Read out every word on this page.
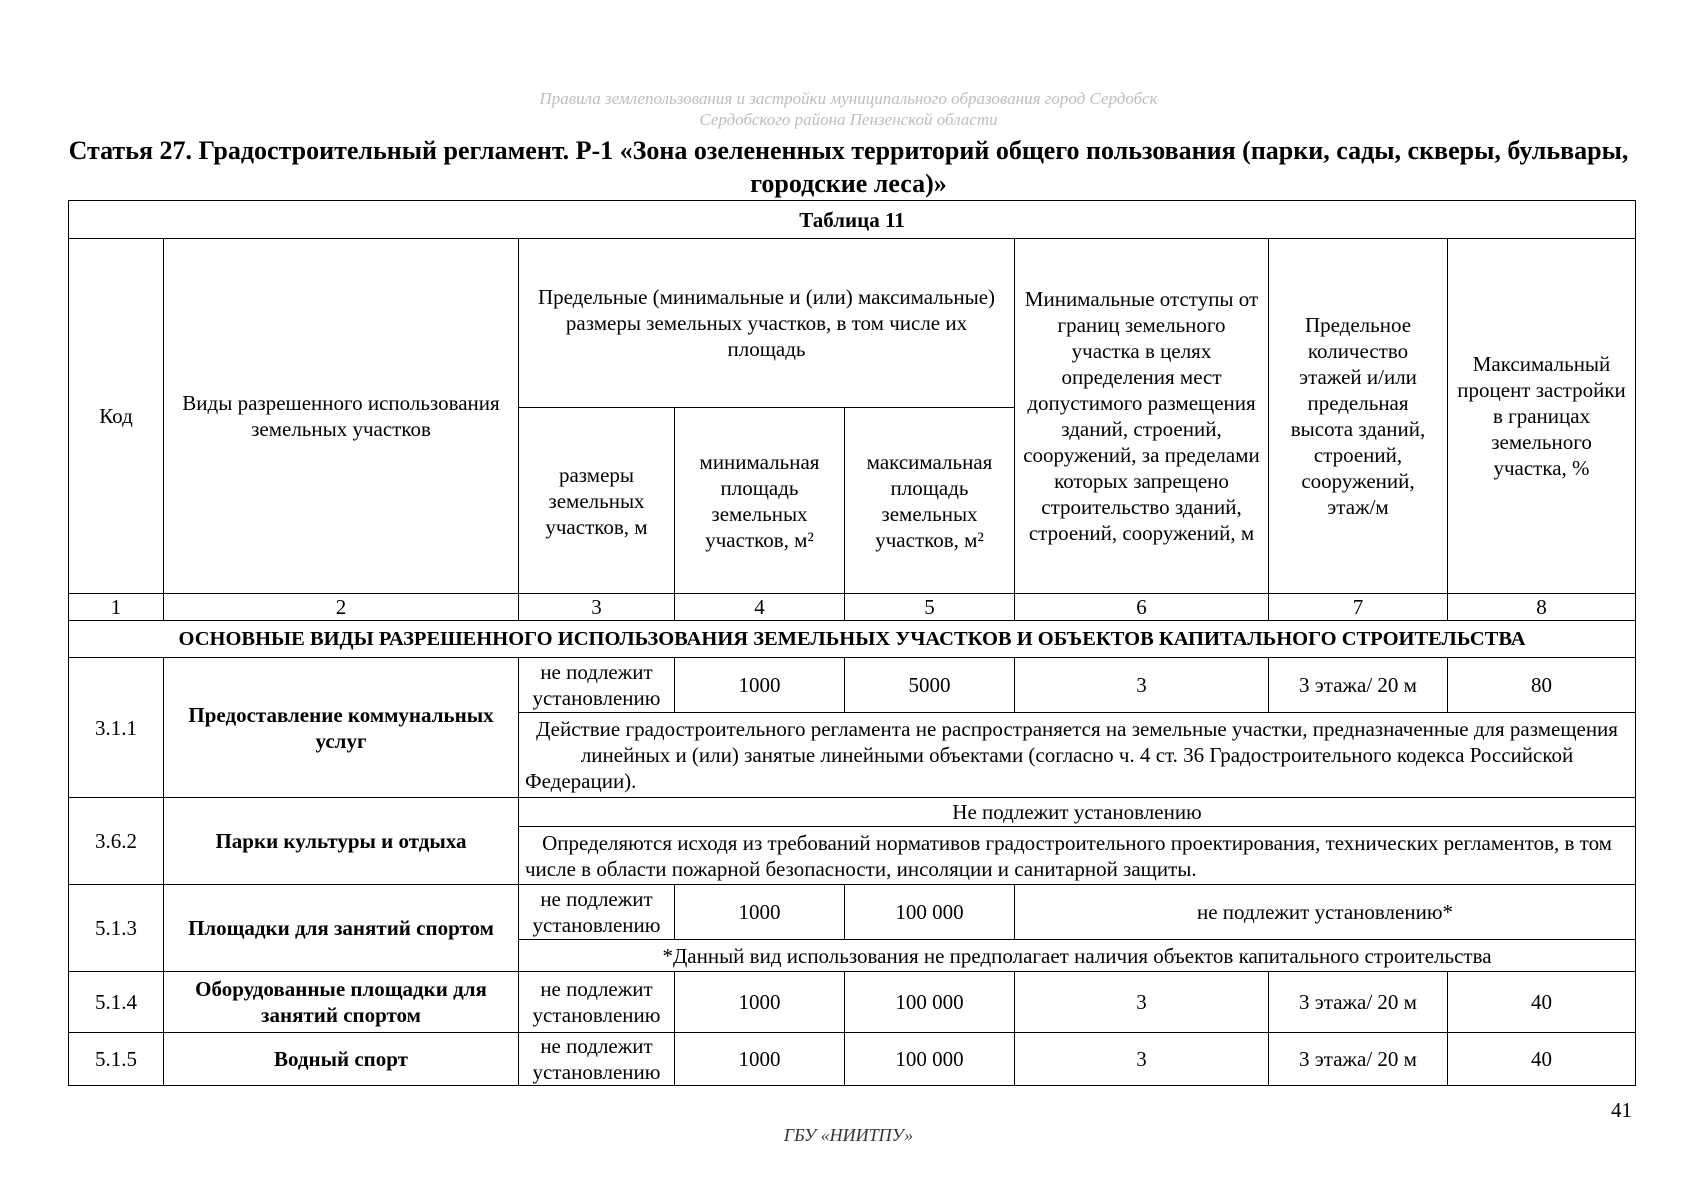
Правила землепользования и застройки муниципального образования город Сердобск
Сердобского района Пензенской области
Статья 27. Градостроительный регламент. Р-1 «Зона озелененных территорий общего пользования (парки, сады, скверы, бульвары, городские леса)»
Таблица 11							
Код	Виды разрешенного использования земельных участков	Предельные (минимальные и (или) максимальные) размеры земельных участков, в том числе их площадь			Минимальные отступы от границ земельного участка в целях определения мест допустимого размещения зданий, строений, сооружений, за пределами которых запрещено строительство зданий, строений, сооружений, м	Предельное количество этажей и/или предельная высота зданий, строений, сооружений, этаж/м	Максимальный процент застройки в границах земельного участка, %
		размеры земельных участков, м	минимальная площадь земельных участков, м²	максимальная площадь земельных участков, м²			
1	2	3	4	5	6	7	8
ОСНОВНЫЕ ВИДЫ РАЗРЕШЕННОГО ИСПОЛЬЗОВАНИЯ ЗЕМЕЛЬНЫХ УЧАСТКОВ И ОБЪЕКТОВ КАПИТАЛЬНОГО СТРОИТЕЛЬСТВА							
3.1.1	Предоставление коммунальных услуг	не подлежит установлению	1000	5000	3	3 этажа/ 20 м	80
		Действие градостроительного регламента не распространяется на земельные участки, предназначенные для размещения линейных и (или) занятые линейными объектами (согласно ч. 4 ст. 36 Градостроительного кодекса Российской Федерации).					
3.6.2	Парки культуры и отдыха	Не подлежит установлению					
		Определяются исходя из требований нормативов градостроительного проектирования, технических регламентов, в том числе в области пожарной безопасности, инсоляции и санитарной защиты.					
5.1.3	Площадки для занятий спортом	не подлежит установлению	1000	100 000	не подлежит установлению*		
		*Данный вид использования не предполагает наличия объектов капитального строительства					
5.1.4	Оборудованные площадки для занятий спортом	не подлежит установлению	1000	100 000	3	3 этажа/ 20 м	40
5.1.5	Водный спорт	не подлежит установлению	1000	100 000	3	3 этажа/ 20 м	40
41
ГБУ «НИИТПУ»
